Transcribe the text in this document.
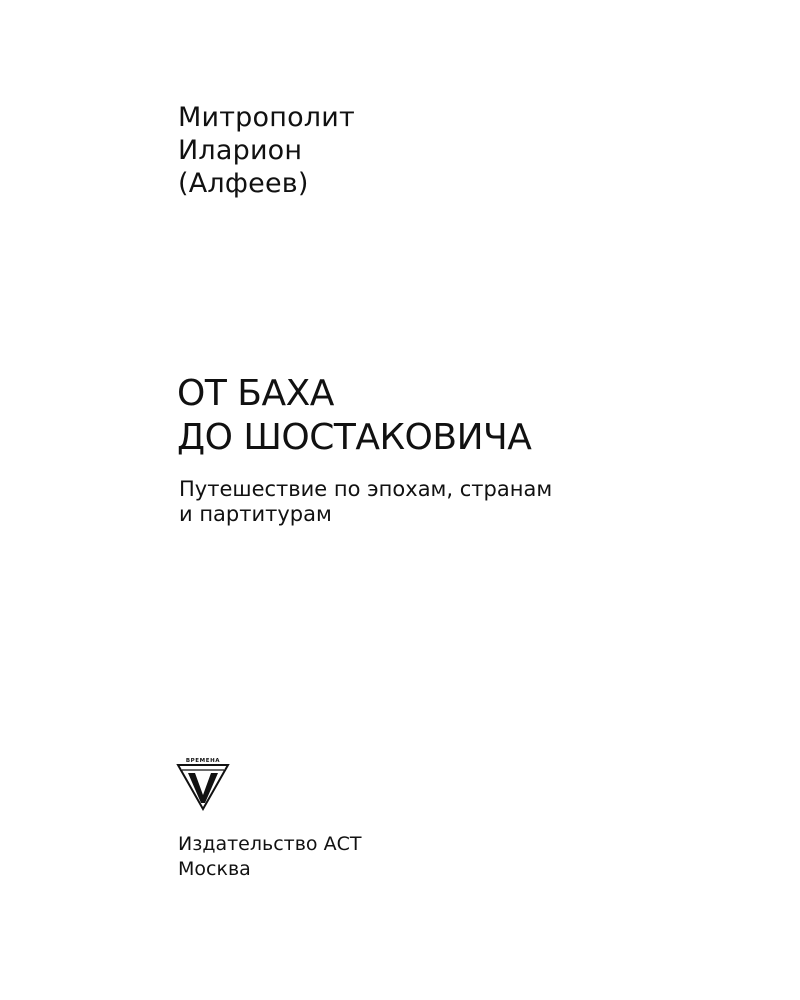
Митрополит
Иларион
(Алфеев)
ОТ БАХА
ДО ШОСТАКОВИЧА
Путешествие по эпохам, странам
и партитурам
ВРЕМЕНА
Издательство АСТ
Москва
